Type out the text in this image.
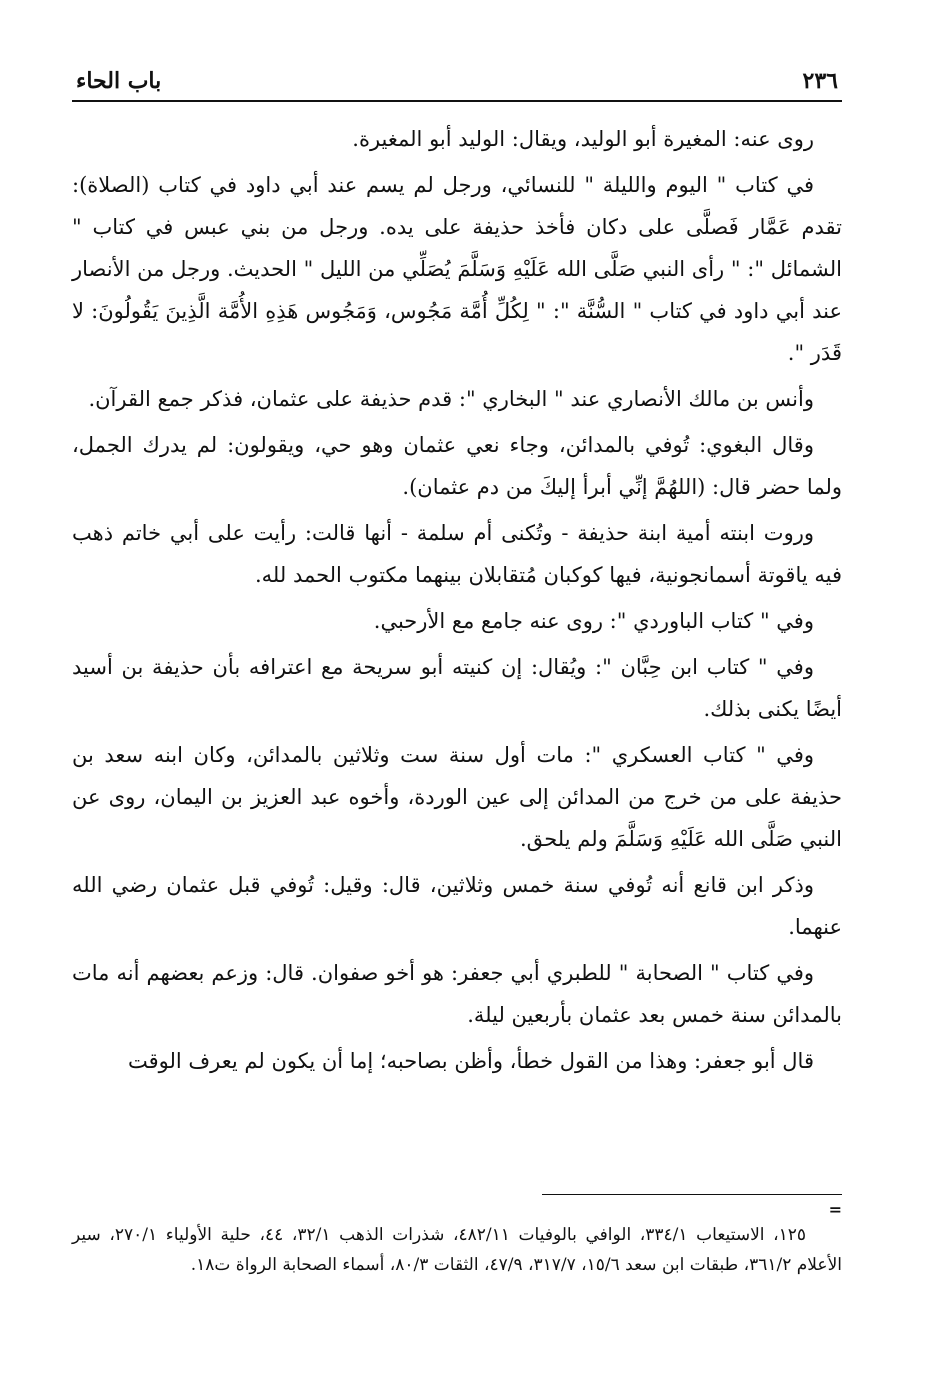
٢٣٦
باب الحاء

روى عنه: المغيرة أبو الوليد، ويقال: الوليد أبو المغيرة.

في كتاب " اليوم والليلة " للنسائي، ورجل لم يسم عند أبي داود في كتاب (الصلاة): تقدم عَمَّار فَصلَّى على دكان فأخذ حذيفة على يده. ورجل من بني عبس في كتاب " الشمائل ": " رأى النبي صَلَّى الله عَلَيْهِ وَسَلَّمَ يُصَلِّي من الليل " الحديث. ورجل من الأنصار عند أبي داود في كتاب " السُّنَّة ": " لِكُلِّ أُمَّة مَجُوس، وَمَجُوس هَذِهِ الأُمَّة الَّذِينَ يَقُولُونَ: لا قَدَر ".

وأنس بن مالك الأنصاري عند " البخاري ": قدم حذيفة على عثمان، فذكر جمع القرآن.

وقال البغوي: تُوفي بالمدائن، وجاء نعي عثمان وهو حي، ويقولون: لم يدرك الجمل، ولما حضر قال: (اللهُمَّ إنِّي أبرأ إليكَ من دم عثمان).

وروت ابنته أمية ابنة حذيفة - وتُكنى أم سلمة - أنها قالت: رأيت على أبي خاتم ذهب فيه ياقوتة أسمانجونية، فيها كوكبان مُتقابلان بينهما مكتوب الحمد لله.

وفي " كتاب الباوردي ": روى عنه جامع مع الأرحبي.

وفي " كتاب ابن حِبَّان ": ويُقال: إن كنيته أبو سريحة مع اعترافه بأن حذيفة بن أسيد أيضًا يكنى بذلك.

وفي " كتاب العسكري ": مات أول سنة ست وثلاثين بالمدائن، وكان ابنه سعد بن حذيفة على من خرج من المدائن إلى عين الوردة، وأخوه عبد العزيز بن اليمان، روى عن النبي صَلَّى الله عَلَيْهِ وَسَلَّمَ ولم يلحق.

وذكر ابن قانع أنه تُوفي سنة خمس وثلاثين، قال: وقيل: تُوفي قبل عثمان رضي الله عنهما.

وفي كتاب " الصحابة " للطبري أبي جعفر: هو أخو صفوان. قال: وزعم بعضهم أنه مات بالمدائن سنة خمس بعد عثمان بأربعين ليلة.

قال أبو جعفر: وهذا من القول خطأ، وأظن بصاحبه؛ إما أن يكون لم يعرف الوقت

=

١٢٥، الاستيعاب ٣٣٤/١، الوافي بالوفيات ٤٨٢/١١، شذرات الذهب ٣٢/١، ٤٤، حلية الأولياء ٢٧٠/١، سير الأعلام ٣٦١/٢، طبقات ابن سعد ١٥/٦، ٣١٧/٧، ٤٧/٩، الثقات ٨٠/٣، أسماء الصحابة الرواة ت١٨.
